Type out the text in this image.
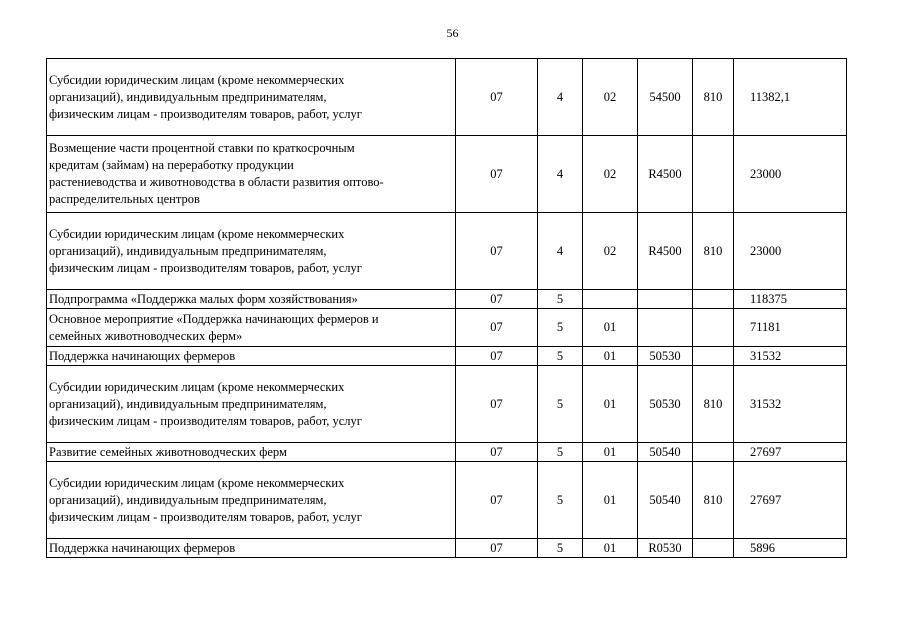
56
Субсидии юридическим лицам (кроме некоммерческих
организаций), индивидуальным предпринимателям,
физическим лицам - производителям товаров, работ, услуг	07	4	02	54500	810	11382,1

Возмещение части процентной ставки по краткосрочным
кредитам (займам) на переработку продукции
растениеводства и животноводства в области развития оптово-
распределительных центров	07	4	02	R4500		23000

Субсидии юридическим лицам (кроме некоммерческих
организаций), индивидуальным предпринимателям,
физическим лицам - производителям товаров, работ, услуг	07	4	02	R4500	810	23000

Подпрограмма «Поддержка малых форм хозяйствования»	07	5				118375

Основное мероприятие «Поддержка начинающих фермеров и
семейных животноводческих ферм»	07	5	01			71181

Поддержка начинающих фермеров	07	5	01	50530		31532

Субсидии юридическим лицам (кроме некоммерческих
организаций), индивидуальным предпринимателям,
физическим лицам - производителям товаров, работ, услуг	07	5	01	50530	810	31532

Развитие семейных животноводческих ферм	07	5	01	50540		27697

Субсидии юридическим лицам (кроме некоммерческих
организаций), индивидуальным предпринимателям,
физическим лицам - производителям товаров, работ, услуг	07	5	01	50540	810	27697

Поддержка начинающих фермеров	07	5	01	R0530		5896
